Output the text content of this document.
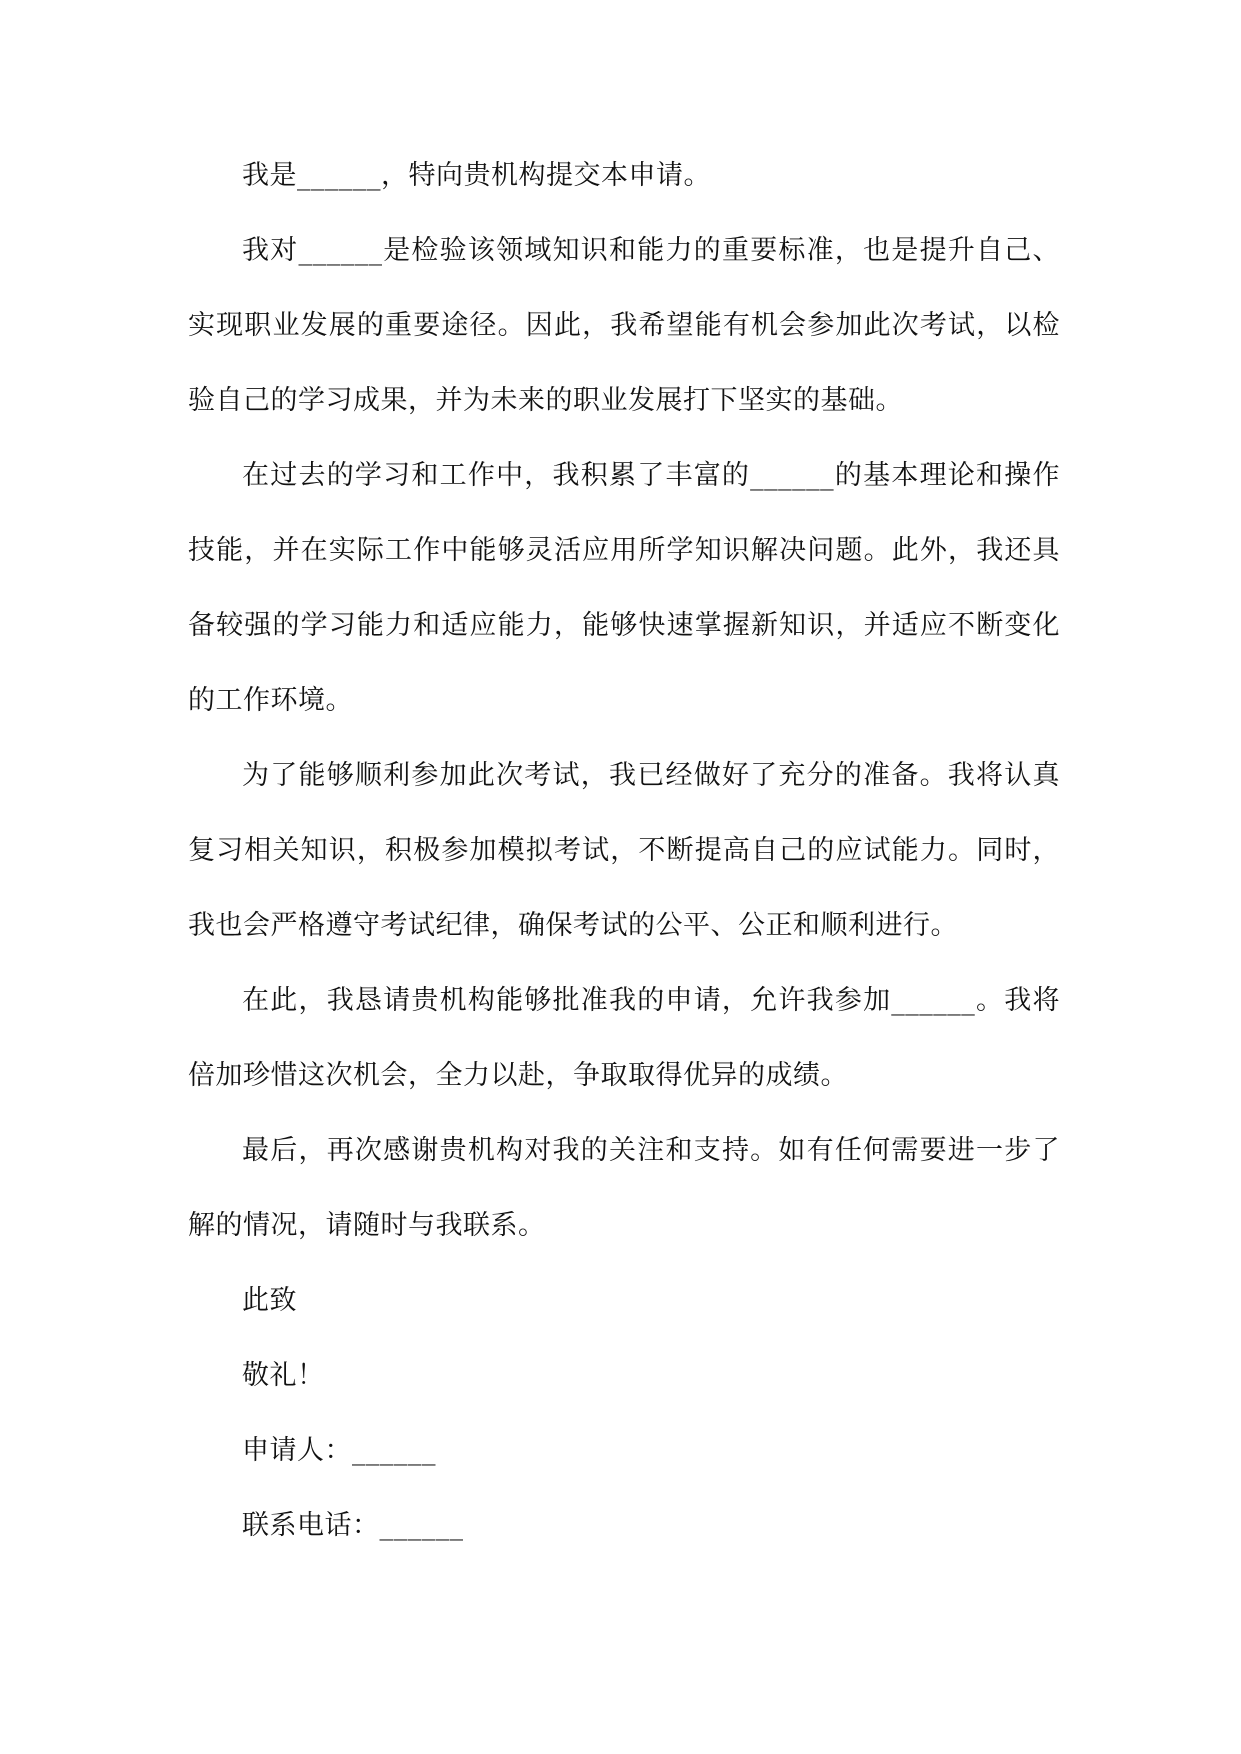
我是______，特向贵机构提交本申请。

我对______是检验该领域知识和能力的重要标准，也是提升自己、实现职业发展的重要途径。因此，我希望能有机会参加此次考试，以检验自己的学习成果，并为未来的职业发展打下坚实的基础。

在过去的学习和工作中，我积累了丰富的______的基本理论和操作技能，并在实际工作中能够灵活应用所学知识解决问题。此外，我还具备较强的学习能力和适应能力，能够快速掌握新知识，并适应不断变化的工作环境。

为了能够顺利参加此次考试，我已经做好了充分的准备。我将认真复习相关知识，积极参加模拟考试，不断提高自己的应试能力。同时，我也会严格遵守考试纪律，确保考试的公平、公正和顺利进行。

在此，我恳请贵机构能够批准我的申请，允许我参加______。我将倍加珍惜这次机会，全力以赴，争取取得优异的成绩。

最后，再次感谢贵机构对我的关注和支持。如有任何需要进一步了解的情况，请随时与我联系。

此致

敬礼！

申请人：______

联系电话：______
